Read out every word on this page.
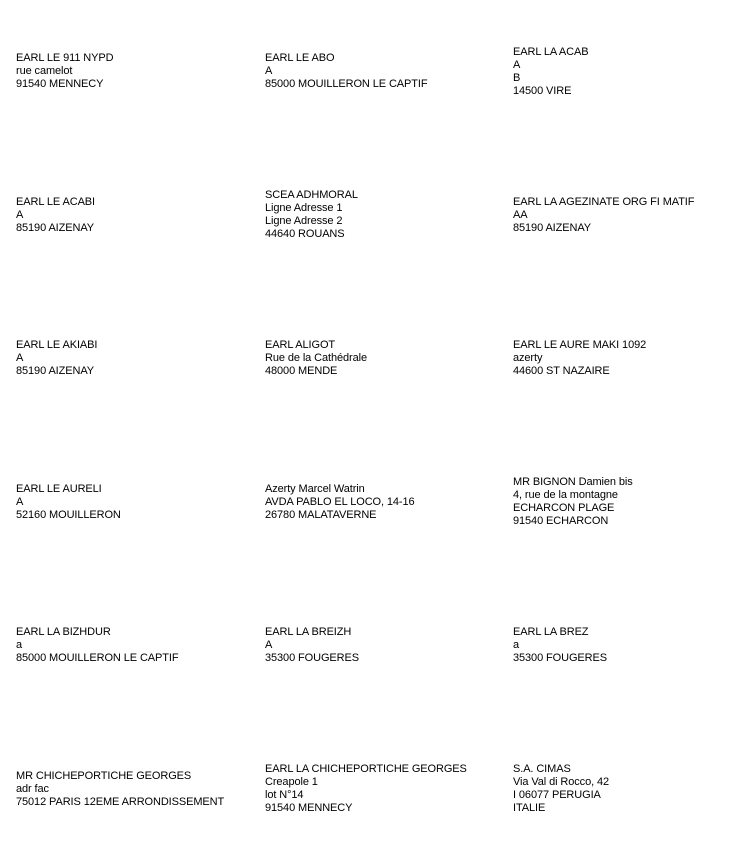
EARL LE 911 NYPD
rue camelot
91540 MENNECY
EARL LE ABO
A
85000 MOUILLERON LE CAPTIF
EARL LA ACAB
A
B
14500 VIRE
EARL LE ACABI
A
85190 AIZENAY
SCEA ADHMORAL
Ligne Adresse 1
Ligne Adresse 2
44640 ROUANS
EARL LA AGEZINATE ORG FI MATIF
AA
85190 AIZENAY
EARL LE AKIABI
A
85190 AIZENAY
EARL ALIGOT
Rue de la Cathédrale
48000 MENDE
EARL LE AURE MAKI 1092
azerty
44600 ST NAZAIRE
EARL LE AURELI
A
52160 MOUILLERON
Azerty Marcel Watrin
AVDA PABLO EL LOCO, 14-16
26780 MALATAVERNE
MR BIGNON Damien bis
4, rue de la montagne
ECHARCON PLAGE
91540 ECHARCON
EARL LA BIZHDUR
a
85000 MOUILLERON LE CAPTIF
EARL LA BREIZH
A
35300 FOUGERES
EARL LA BREZ
a
35300 FOUGERES
MR CHICHEPORTICHE GEORGES
adr fac
75012 PARIS 12EME ARRONDISSEMENT
EARL LA CHICHEPORTICHE GEORGES
Creapole 1
lot N°14
91540 MENNECY
S.A. CIMAS
Via Val di Rocco, 42
I 06077 PERUGIA
ITALIE
